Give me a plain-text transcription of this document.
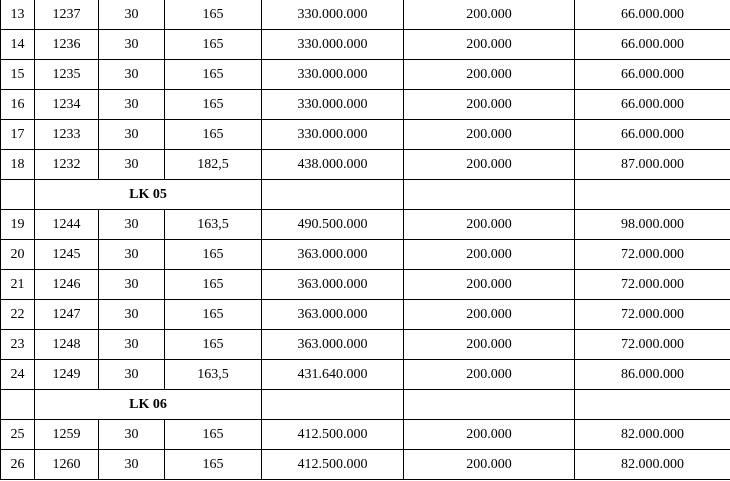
13	1237	30	165	330.000.000	200.000	66.000.000
14	1236	30	165	330.000.000	200.000	66.000.000
15	1235	30	165	330.000.000	200.000	66.000.000
16	1234	30	165	330.000.000	200.000	66.000.000
17	1233	30	165	330.000.000	200.000	66.000.000
18	1232	30	182,5	438.000.000	200.000	87.000.000
	LK 05					
19	1244	30	163,5	490.500.000	200.000	98.000.000
20	1245	30	165	363.000.000	200.000	72.000.000
21	1246	30	165	363.000.000	200.000	72.000.000
22	1247	30	165	363.000.000	200.000	72.000.000
23	1248	30	165	363.000.000	200.000	72.000.000
24	1249	30	163,5	431.640.000	200.000	86.000.000
	LK 06					
25	1259	30	165	412.500.000	200.000	82.000.000
26	1260	30	165	412.500.000	200.000	82.000.000
